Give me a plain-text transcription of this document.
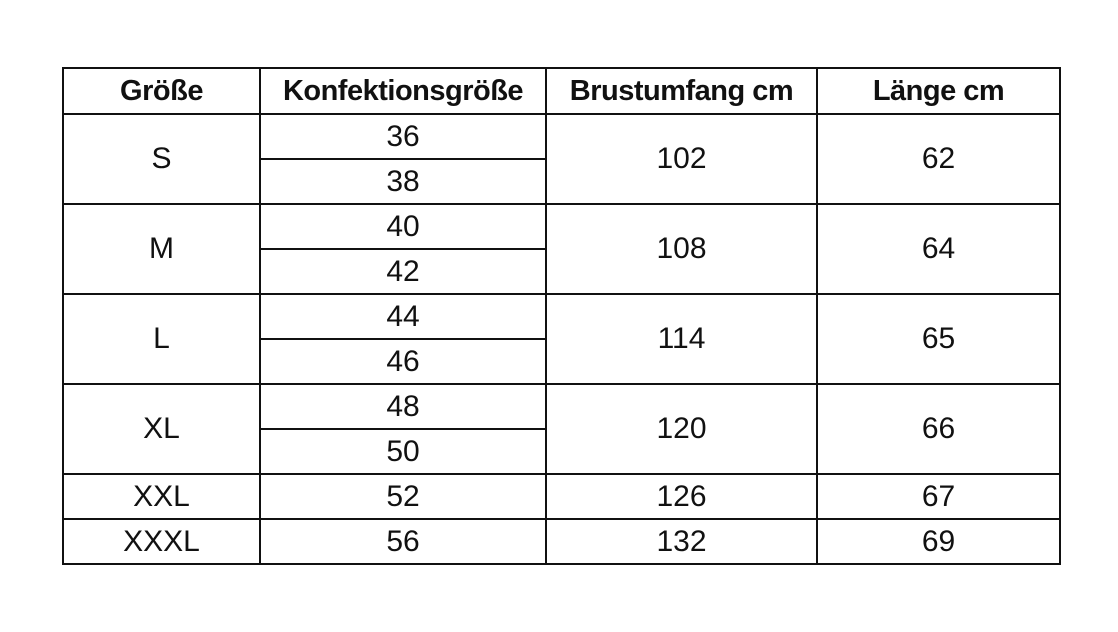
Größe	Konfektionsgröße	Brustumfang cm	Länge cm
S	36	102	62
	38		
M	40	108	64
	42		
L	44	114	65
	46		
XL	48	120	66
	50		
XXL	52	126	67
XXXL	56	132	69
